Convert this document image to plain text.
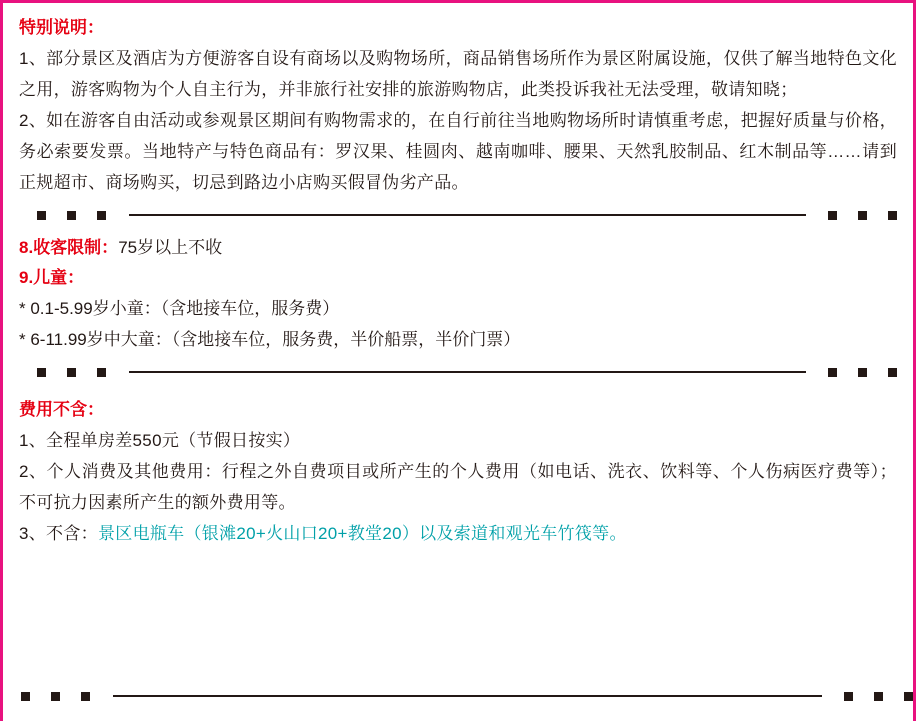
特别说明：

1、部分景区及酒店为方便游客自设有商场以及购物场所，商品销售场所作为景区附属设施，仅供了解当地特色文化之用，游客购物为个人自主行为，并非旅行社安排的旅游购物店，此类投诉我社无法受理，敬请知晓；

2、如在游客自由活动或参观景区期间有购物需求的，在自行前往当地购物场所时请慎重考虑，把握好质量与价格，务必索要发票。当地特产与特色商品有：罗汉果、桂圆肉、越南咖啡、腰果、天然乳胶制品、红木制品等……请到正规超市、商场购买，切忌到路边小店购买假冒伪劣产品。

8.收客限制：75岁以上不收
9.儿童：
* 0.1-5.99岁小童：（含地接车位，服务费）
* 6-11.99岁中大童：（含地接车位，服务费，半价船票，半价门票）
费用不含：

1、全程单房差550元（节假日按实）

2、个人消费及其他费用：行程之外自费项目或所产生的个人费用（如电话、洗衣、饮料等、个人伤病医疗费等）；不可抗力因素所产生的额外费用等。

3、不含：景区电瓶车（银滩20+火山口20+教堂20）以及索道和观光车竹筏等。
